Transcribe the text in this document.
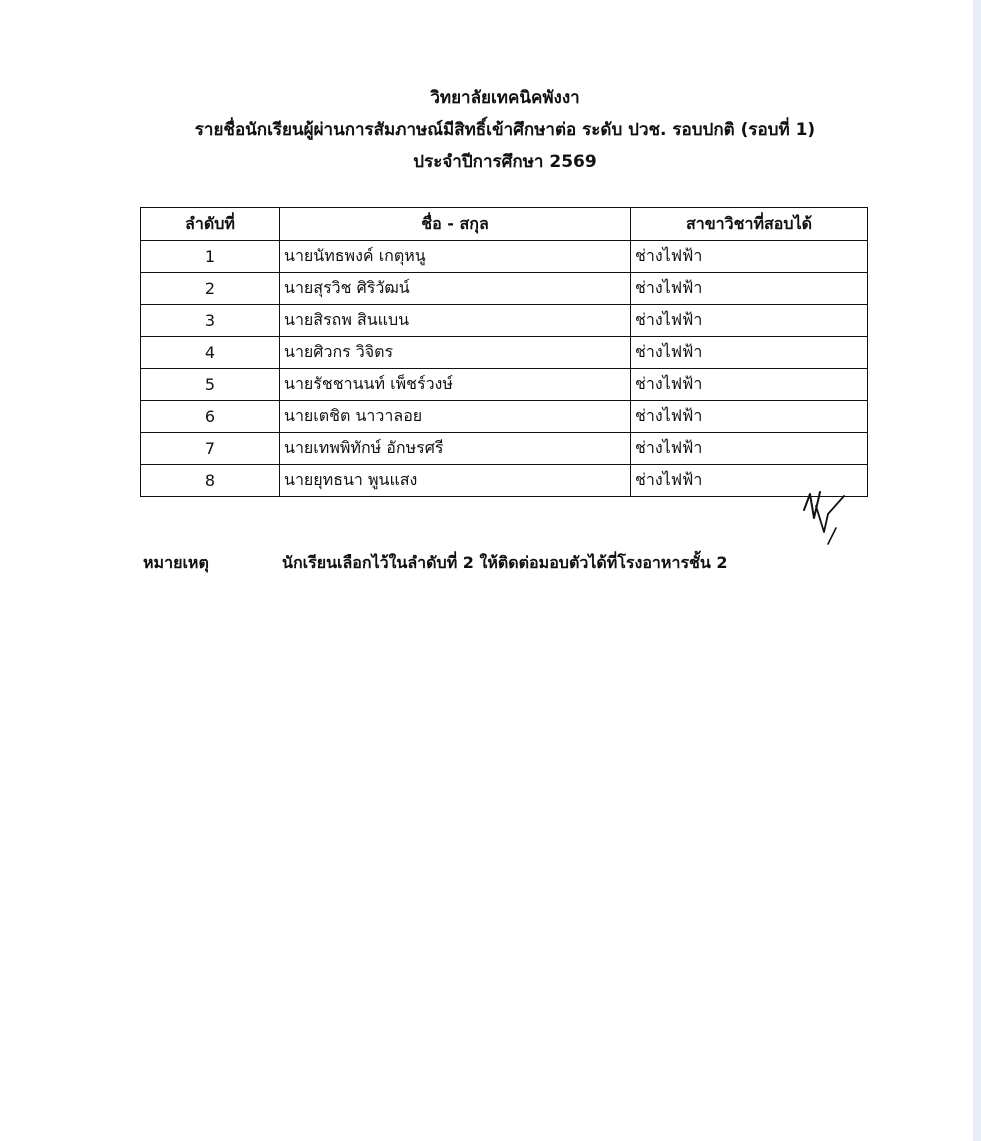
วิทยาลัยเทคนิคพังงา
รายชื่อนักเรียนผู้ผ่านการสัมภาษณ์มีสิทธิ์เข้าศึกษาต่อ ระดับ ปวช. รอบปกติ (รอบที่ 1)
ประจำปีการศึกษา 2569
ลำดับที่	ชื่อ - สกุล	สาขาวิชาที่สอบได้
1	นายนัทธพงค์ เกตุหนู	ช่างไฟฟ้า
2	นายสุรวิช ศิริวัฒน์	ช่างไฟฟ้า
3	นายสิรถพ สินแบน	ช่างไฟฟ้า
4	นายศิวกร วิจิตร	ช่างไฟฟ้า
5	นายรัชชานนท์ เพ็ชร์วงษ์	ช่างไฟฟ้า
6	นายเตชิต นาวาลอย	ช่างไฟฟ้า
7	นายเทพพิทักษ์ อักษรศรี	ช่างไฟฟ้า
8	นายยุทธนา พูนแสง	ช่างไฟฟ้า
หมายเหตุ	นักเรียนเลือกไว้ในลำดับที่ 2 ให้ติดต่อมอบตัวได้ที่โรงอาหารชั้น 2
